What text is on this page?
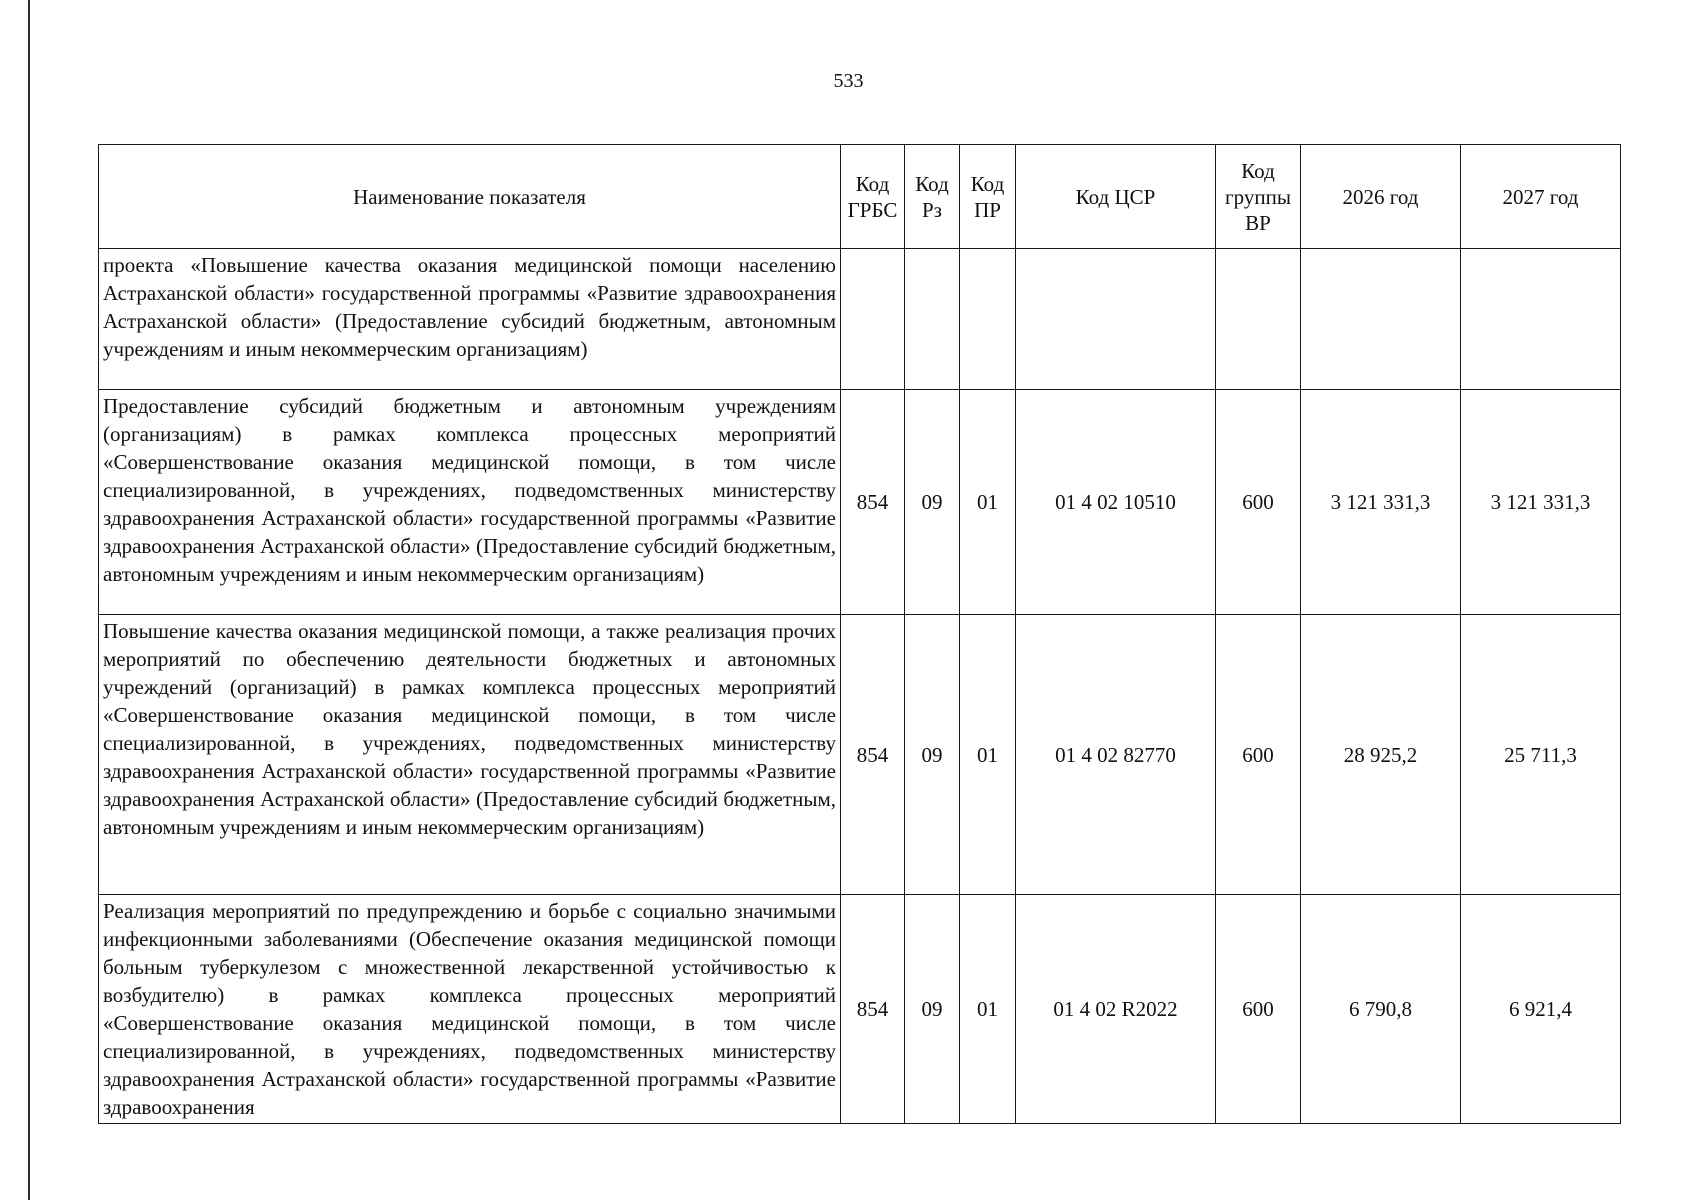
533
Наименование показателя	Код ГРБС	Код Рз	Код ПР	Код ЦСР	Код группы ВР	2026 год	2027 год
проекта «Повышение качества оказания медицинской помощи населению Астраханской области» государственной программы «Развитие здравоохранения Астраханской области» (Предоставление субсидий бюджетным, автономным учреждениям и иным некоммерческим организациям)							
Предоставление субсидий бюджетным и автономным учреждениям (организациям) в рамках комплекса процессных мероприятий «Совершенствование оказания медицинской помощи, в том числе специализированной, в учреждениях, подведомственных министерству здравоохранения Астраханской области» государственной программы «Развитие здравоохранения Астраханской области» (Предоставление субсидий бюджетным, автономным учреждениям и иным некоммерческим организациям)	854	09	01	01 4 02 10510	600	3 121 331,3	3 121 331,3
Повышение качества оказания медицинской помощи, а также реализация прочих мероприятий по обеспечению деятельности бюджетных и автономных учреждений (организаций) в рамках комплекса процессных мероприятий «Совершенствование оказания медицинской помощи, в том числе специализированной, в учреждениях, подведомственных министерству здравоохранения Астраханской области» государственной программы «Развитие здравоохранения Астраханской области» (Предоставление субсидий бюджетным, автономным учреждениям и иным некоммерческим организациям)	854	09	01	01 4 02 82770	600	28 925,2	25 711,3
Реализация мероприятий по предупреждению и борьбе с социально значимыми инфекционными заболеваниями (Обеспечение оказания медицинской помощи больным туберкулезом с множественной лекарственной устойчивостью к возбудителю) в рамках комплекса процессных мероприятий «Совершенствование оказания медицинской помощи, в том числе специализированной, в учреждениях, подведомственных министерству здравоохранения Астраханской области» государственной программы «Развитие здравоохранения	854	09	01	01 4 02 R2022	600	6 790,8	6 921,4
